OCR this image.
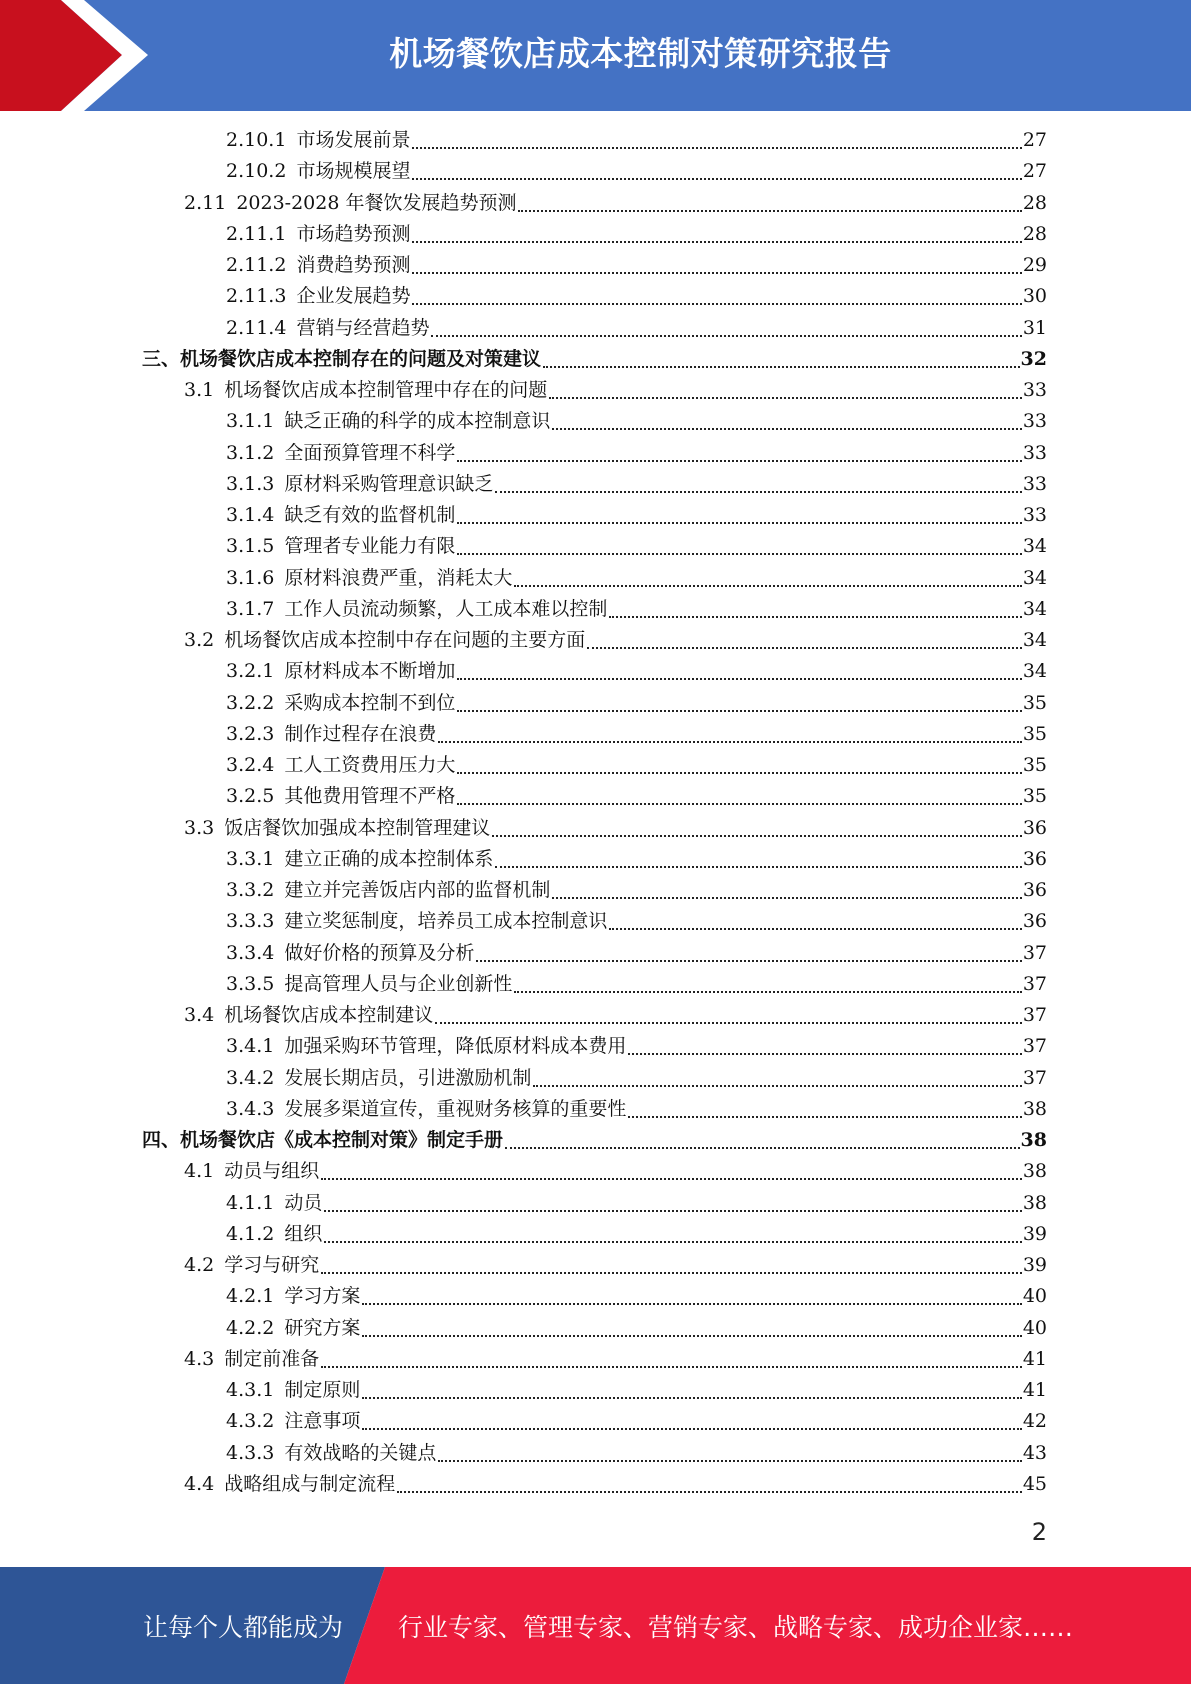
机场餐饮店成本控制对策研究报告
2.10.1 市场发展前景	27
2.10.2 市场规模展望	27
2.11 2023-2028 年餐饮发展趋势预测	28
2.11.1 市场趋势预测	28
2.11.2 消费趋势预测	29
2.11.3 企业发展趋势	30
2.11.4 营销与经营趋势	31
三、机场餐饮店成本控制存在的问题及对策建议	32
3.1 机场餐饮店成本控制管理中存在的问题	33
3.1.1 缺乏正确的科学的成本控制意识	33
3.1.2 全面预算管理不科学	33
3.1.3 原材料采购管理意识缺乏	33
3.1.4 缺乏有效的监督机制	33
3.1.5 管理者专业能力有限	34
3.1.6 原材料浪费严重，消耗太大	34
3.1.7 工作人员流动频繁，人工成本难以控制	34
3.2 机场餐饮店成本控制中存在问题的主要方面	34
3.2.1 原材料成本不断增加	34
3.2.2 采购成本控制不到位	35
3.2.3 制作过程存在浪费	35
3.2.4 工人工资费用压力大	35
3.2.5 其他费用管理不严格	35
3.3 饭店餐饮加强成本控制管理建议	36
3.3.1 建立正确的成本控制体系	36
3.3.2 建立并完善饭店内部的监督机制	36
3.3.3 建立奖惩制度，培养员工成本控制意识	36
3.3.4 做好价格的预算及分析	37
3.3.5 提高管理人员与企业创新性	37
3.4 机场餐饮店成本控制建议	37
3.4.1 加强采购环节管理，降低原材料成本费用	37
3.4.2 发展长期店员，引进激励机制	37
3.4.3 发展多渠道宣传，重视财务核算的重要性	38
四、机场餐饮店《成本控制对策》制定手册	38
4.1 动员与组织	38
4.1.1 动员	38
4.1.2 组织	39
4.2 学习与研究	39
4.2.1 学习方案	40
4.2.2 研究方案	40
4.3 制定前准备	41
4.3.1 制定原则	41
4.3.2 注意事项	42
4.3.3 有效战略的关键点	43
4.4 战略组成与制定流程	45
2
让每个人都能成为 行业专家、管理专家、营销专家、战略专家、成功企业家……
